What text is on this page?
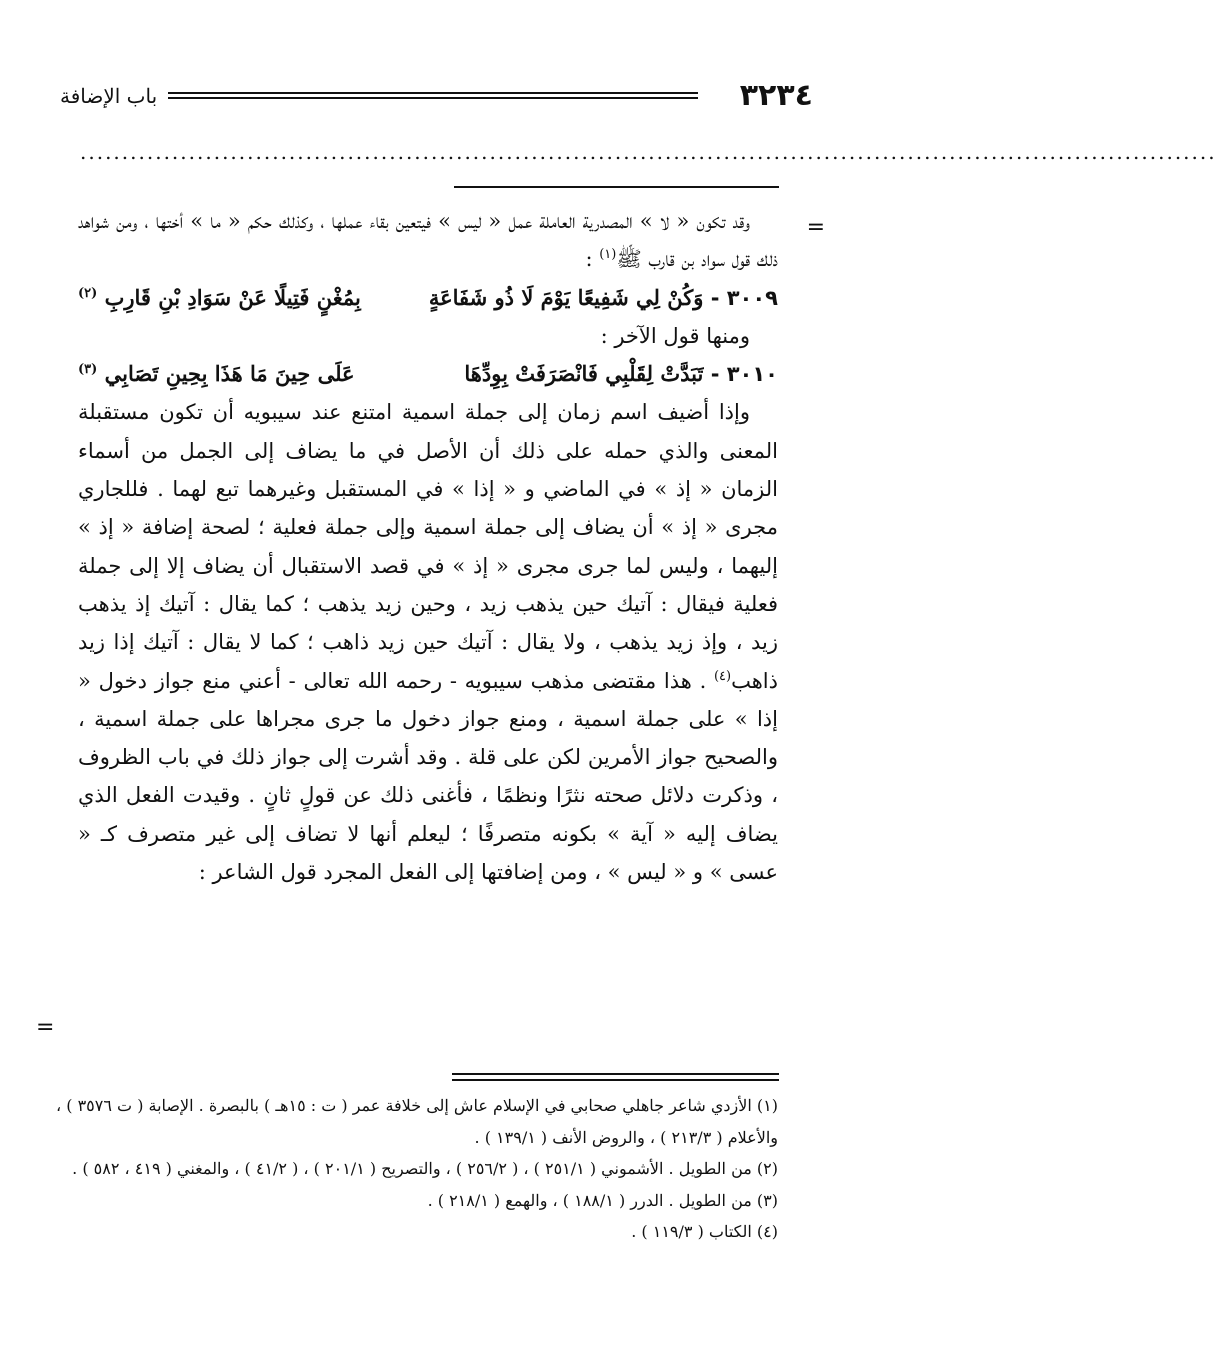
٣٢٣٤
باب الإضافة
........................................................................................................................................
=

وقد تكون « لا » المصدرية العاملة عمل « ليس » فيتعين بقاء عملها ، وكذلك حكم « ما » أختها ، ومن شواهد ذلك قول سواد بن قارب ﷺ$^{(١)}$ :

٣٠٠٩ - وَكُنْ لِي شَفِيعًا يَوْمَ لَا ذُو شَفَاعَةٍ
بِمُغْنٍ فَتِيلًا عَنْ سَوَادِ بْنِ قَارِبِ $^{(٢)}$

ومنها قول الآخر :

٣٠١٠ - تَبَدَّتْ لِقَلْبِي فَانْصَرَفَتْ بِوِدِّهَا
عَلَى حِينَ مَا هَذَا بِحِينِ تَصَابِي $^{(٣)}$

وإذا أضيف اسم زمان إلى جملة اسمية امتنع عند سيبويه أن تكون مستقبلة المعنى والذي حمله على ذلك أن الأصل في ما يضاف إلى الجمل من أسماء الزمان « إذ » في الماضي و « إذا » في المستقبل وغيرهما تبع لهما . فللجاري مجرى « إذ » أن يضاف إلى جملة اسمية وإلى جملة فعلية ؛ لصحة إضافة « إذ » إليهما ، وليس لما جرى مجرى « إذ » في قصد الاستقبال أن يضاف إلا إلى جملة فعلية فيقال : آتيك حين يذهب زيد ، وحين زيد يذهب ؛ كما يقال : آتيك إذ يذهب زيد ، وإذ زيد يذهب ، ولا يقال : آتيك حين زيد ذاهب ؛ كما لا يقال : آتيك إذا زيد ذاهب$^{(٤)}$ . هذا مقتضى مذهب سيبويه - رحمه الله تعالى - أعني منع جواز دخول « إذا » على جملة اسمية ، ومنع جواز دخول ما جرى مجراها على جملة اسمية ، والصحيح جواز الأمرين لكن على قلة . وقد أشرت إلى جواز ذلك في باب الظروف ، وذكرت دلائل صحته نثرًا ونظمًا ، فأغنى ذلك عن قولٍ ثانٍ . وقيدت الفعل الذي يضاف إليه « آية » بكونه متصرفًا ؛ ليعلم أنها لا تضاف إلى غير متصرف كـ « عسى » و « ليس » ، ومن إضافتها إلى الفعل المجرد قول الشاعر :

=

(١) الأزدي شاعر جاهلي صحابي في الإسلام عاش إلى خلافة عمر ( ت : ١٥هـ ) بالبصرة . الإصابة ( ت ٣٥٧٦ ) ، والأعلام ( ٢١٣/٣ ) ، والروض الأنف ( ١٣٩/١ ) .

(٢) من الطويل . الأشموني ( ٢٥١/١ ) ، ( ٢٥٦/٢ ) ، والتصريح ( ٢٠١/١ ) ، ( ٤١/٢ ) ، والمغني ( ٤١٩ ، ٥٨٢ ) .

(٣) من الطويل . الدرر ( ١٨٨/١ ) ، والهمع ( ٢١٨/١ ) .

(٤) الكتاب ( ١١٩/٣ ) .
